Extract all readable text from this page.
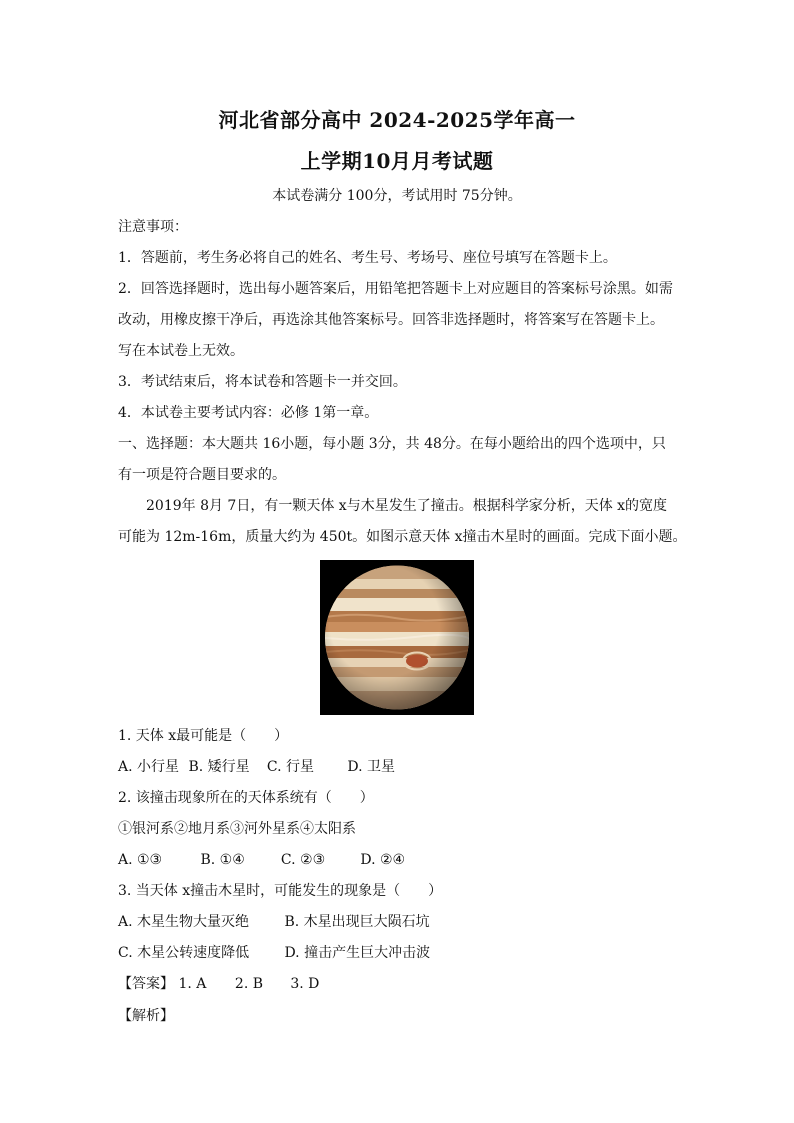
河北省部分高中 2024-2025学年高一
上学期10月月考试题
本试卷满分 100分，考试用时 75分钟。
注意事项：
1．答题前，考生务必将自己的姓名、考生号、考场号、座位号填写在答题卡上。
2．回答选择题时，选出每小题答案后，用铅笔把答题卡上对应题目的答案标号涂黑。如需
改动，用橡皮擦干净后，再选涂其他答案标号。回答非选择题时，将答案写在答题卡上。
写在本试卷上无效。
3．考试结束后，将本试卷和答题卡一并交回。
4．本试卷主要考试内容：必修 1第一章。
一、选择题：本大题共 16小题，每小题 3分，共 48分。在每小题给出的四个选项中，只
有一项是符合题目要求的。
2019年 8月 7日，有一颗天体 x与木星发生了撞击。根据科学家分析，天体 x的宽度
可能为 12m-16m，质量大约为 450t。如图示意天体 x撞击木星时的画面。完成下面小题。
1. 天体 x最可能是（　　）
A. 小行星 B. 矮行星 C. 行星 D. 卫星
2. 该撞击现象所在的天体系统有（　　）
①银河系②地月系③河外星系④太阳系
A. ①③	B. ①④	C. ②③	D. ②④
3. 当天体 x撞击木星时，可能发生的现象是（　　）
A. 木星生物大量灭绝	B. 木星出现巨大陨石坑
C. 木星公转速度降低	D. 撞击产生巨大冲击波
【答案】 1. A 2. B 3. D
【解析】
